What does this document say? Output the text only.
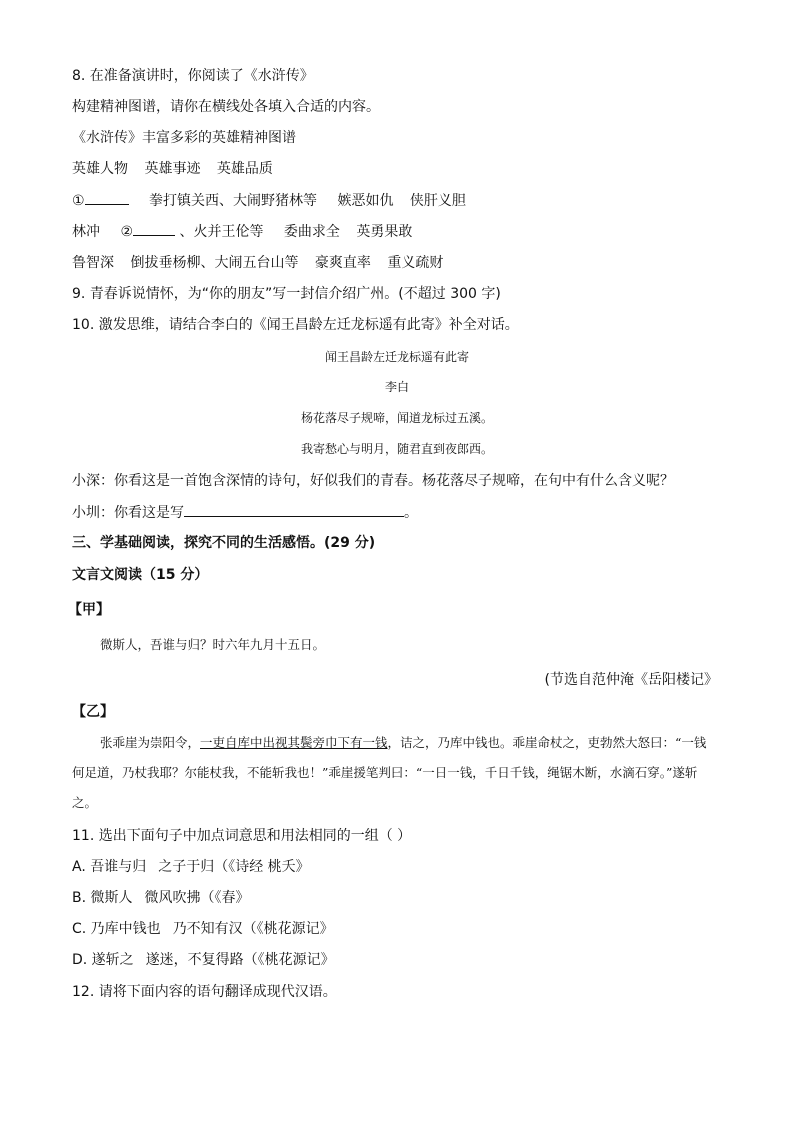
8. 在准备演讲时，你阅读了《水浒传》
构建精神图谱，请你在横线处各填入合适的内容。
《水浒传》丰富多彩的英雄精神图谱
英雄人物 英雄事迹 英雄品质
①	拳打镇关西、大闹野猪林等 嫉恶如仇 侠肝义胆
林冲 ②	、火并王伦等 委曲求全 英勇果敢
鲁智深 倒拔垂杨柳、大闹五台山等 豪爽直率 重义疏财
9. 青春诉说情怀，为“你的朋友”写一封信介绍广州。(不超过 300 字)
10. 激发思维，请结合李白的《闻王昌龄左迁龙标遥有此寄》补全对话。
闻王昌龄左迁龙标遥有此寄
李白
杨花落尽子规啼，闻道龙标过五溪。
我寄愁心与明月，随君直到夜郎西。
小深：你看这是一首饱含深情的诗句，好似我们的青春。杨花落尽子规啼，在句中有什么含义呢？
小圳：你看这是写	。
三、学基础阅读，探究不同的生活感悟。(29 分)
文言文阅读（15 分）
【甲】
微斯人，吾谁与归？时六年九月十五日。
(节选自范仲淹《岳阳楼记》
【乙】
张乖崖为崇阳令，一吏自库中出视其鬓旁巾下有一钱，诘之，乃库中钱也。乖崖命杖之，吏勃然大怒曰：“一钱何足道，乃杖我耶？尔能杖我，不能斩我也！”乖崖援笔判曰：“一日一钱，千日千钱，绳锯木断，水滴石穿。”遂斩之。
11. 选出下面句子中加点词意思和用法相同的一组（ ）
A. 吾谁与归 之子于归（《诗经 桃夭》
B. 微斯人 微风吹拂（《春》
C. 乃库中钱也 乃不知有汉（《桃花源记》
D. 遂斩之 遂迷，不复得路（《桃花源记》
12. 请将下面内容的语句翻译成现代汉语。
